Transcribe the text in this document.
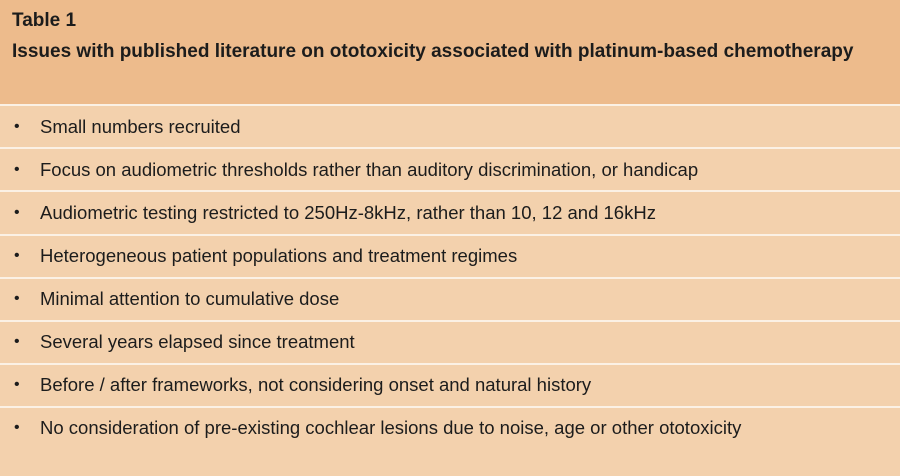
Table 1
Issues with published literature on ototoxicity associated with platinum-based chemotherapy
• Small numbers recruited
• Focus on audiometric thresholds rather than auditory discrimination, or handicap
• Audiometric testing restricted to 250Hz-8kHz, rather than 10, 12 and 16kHz
• Heterogeneous patient populations and treatment regimes
• Minimal attention to cumulative dose
• Several years elapsed since treatment
• Before / after frameworks, not considering onset and natural history
• No consideration of pre-existing cochlear lesions due to noise, age or other ototoxicity
